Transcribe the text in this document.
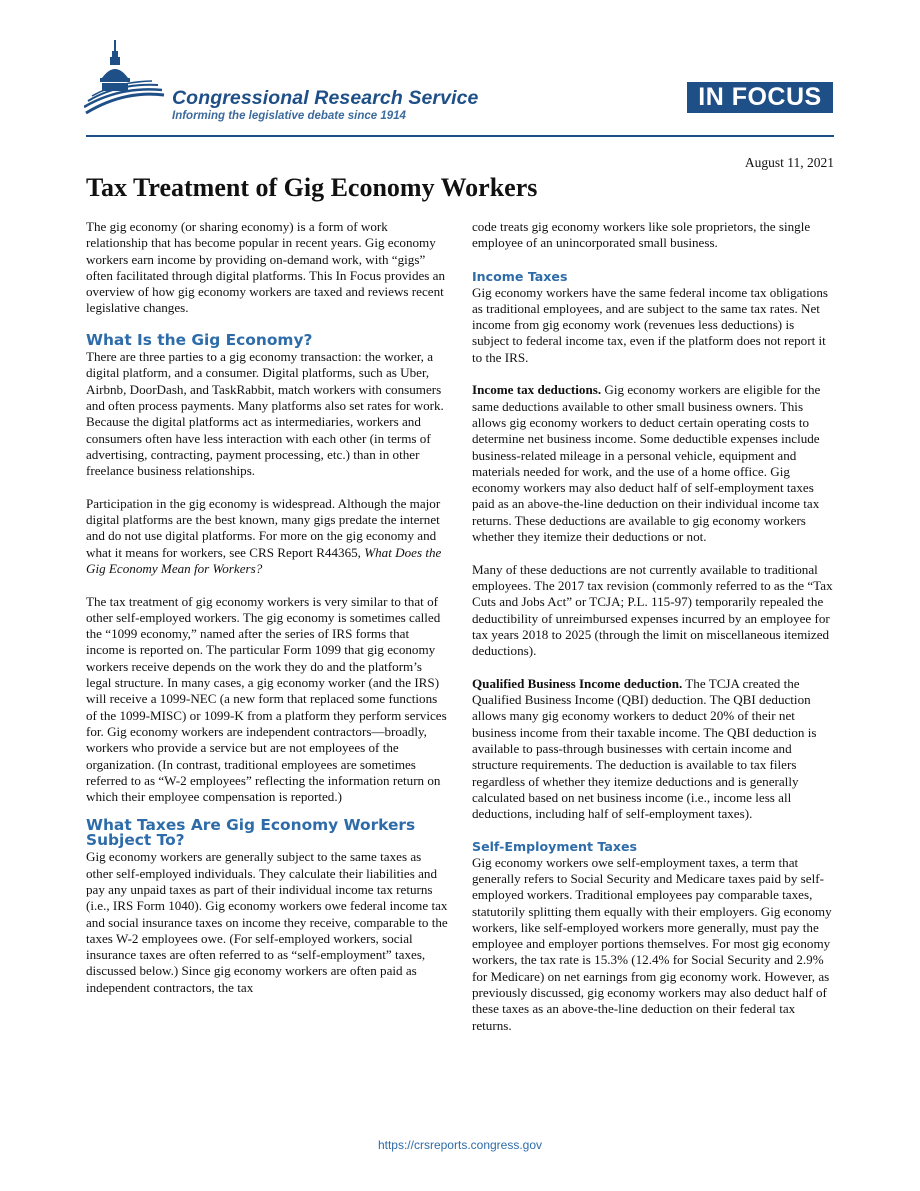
Congressional Research Service
Informing the legislative debate since 1914
IN FOCUS
August 11, 2021
Tax Treatment of Gig Economy Workers

The gig economy (or sharing economy) is a form of work relationship that has become popular in recent years. Gig economy workers earn income by providing on-demand work, with “gigs” often facilitated through digital platforms. This In Focus provides an overview of how gig economy workers are taxed and reviews recent legislative changes.

What Is the Gig Economy?

There are three parties to a gig economy transaction: the worker, a digital platform, and a consumer. Digital platforms, such as Uber, Airbnb, DoorDash, and TaskRabbit, match workers with consumers and often process payments. Many platforms also set rates for work. Because the digital platforms act as intermediaries, workers and consumers often have less interaction with each other (in terms of advertising, contracting, payment processing, etc.) than in other freelance business relationships.

Participation in the gig economy is widespread. Although the major digital platforms are the best known, many gigs predate the internet and do not use digital platforms. For more on the gig economy and what it means for workers, see CRS Report R44365, What Does the Gig Economy Mean for Workers?

The tax treatment of gig economy workers is very similar to that of other self-employed workers. The gig economy is sometimes called the “1099 economy,” named after the series of IRS forms that income is reported on. The particular Form 1099 that gig economy workers receive depends on the work they do and the platform’s legal structure. In many cases, a gig economy worker (and the IRS) will receive a 1099-NEC (a new form that replaced some functions of the 1099-MISC) or 1099-K from a platform they perform services for. Gig economy workers are independent contractors—broadly, workers who provide a service but are not employees of the organization. (In contrast, traditional employees are sometimes referred to as “W-2 employees” reflecting the information return on which their employee compensation is reported.)

What Taxes Are Gig Economy Workers Subject To?

Gig economy workers are generally subject to the same taxes as other self-employed individuals. They calculate their liabilities and pay any unpaid taxes as part of their individual income tax returns (i.e., IRS Form 1040). Gig economy workers owe federal income tax and social insurance taxes on income they receive, comparable to the taxes W-2 employees owe. (For self-employed workers, social insurance taxes are often referred to as “self-employment” taxes, discussed below.) Since gig economy workers are often paid as independent contractors, the tax

code treats gig economy workers like sole proprietors, the single employee of an unincorporated small business.

Income Taxes

Gig economy workers have the same federal income tax obligations as traditional employees, and are subject to the same tax rates. Net income from gig economy work (revenues less deductions) is subject to federal income tax, even if the platform does not report it to the IRS.

Income tax deductions. Gig economy workers are eligible for the same deductions available to other small business owners. This allows gig economy workers to deduct certain operating costs to determine net business income. Some deductible expenses include business-related mileage in a personal vehicle, equipment and materials needed for work, and the use of a home office. Gig economy workers may also deduct half of self-employment taxes paid as an above-the-line deduction on their individual income tax returns. These deductions are available to gig economy workers whether they itemize their deductions or not.

Many of these deductions are not currently available to traditional employees. The 2017 tax revision (commonly referred to as the “Tax Cuts and Jobs Act” or TCJA; P.L. 115-97) temporarily repealed the deductibility of unreimbursed expenses incurred by an employee for tax years 2018 to 2025 (through the limit on miscellaneous itemized deductions).

Qualified Business Income deduction. The TCJA created the Qualified Business Income (QBI) deduction. The QBI deduction allows many gig economy workers to deduct 20% of their net business income from their taxable income. The QBI deduction is available to pass-through businesses with certain income and structure requirements. The deduction is available to tax filers regardless of whether they itemize deductions and is generally calculated based on net business income (i.e., income less all deductions, including half of self-employment taxes).

Self-Employment Taxes

Gig economy workers owe self-employment taxes, a term that generally refers to Social Security and Medicare taxes paid by self-employed workers. Traditional employees pay comparable taxes, statutorily splitting them equally with their employers. Gig economy workers, like self-employed workers more generally, must pay the employee and employer portions themselves. For most gig economy workers, the tax rate is 15.3% (12.4% for Social Security and 2.9% for Medicare) on net earnings from gig economy work. However, as previously discussed, gig economy workers may also deduct half of these taxes as an above-the-line deduction on their federal tax returns.

https://crsreports.congress.gov
